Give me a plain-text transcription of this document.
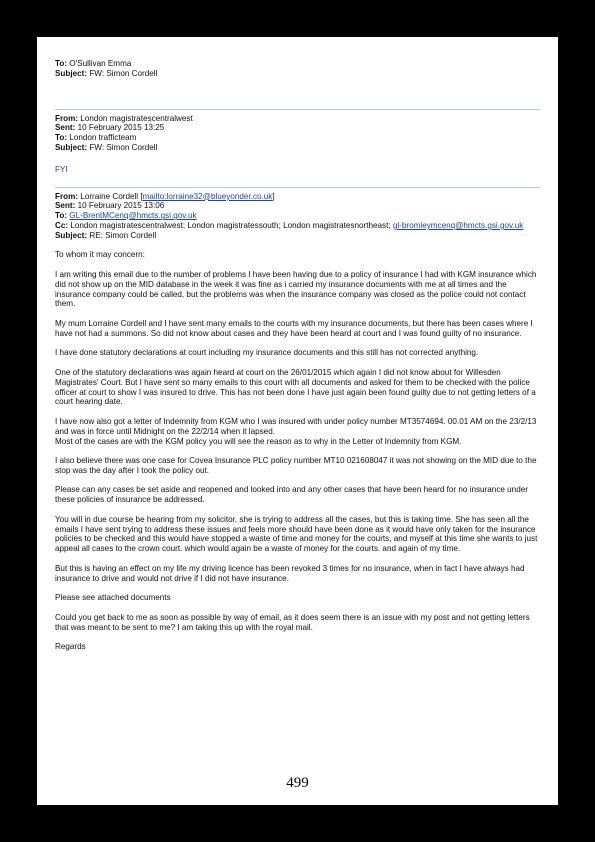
To: O'Sullivan Emma

Subject: FW: Simon Cordell

From: London magistratescentralwest

Sent: 10 February 2015 13:25

To: London trafficteam

Subject: FW: Simon Cordell

FYI

From: Lorraine Cordell [mailto:lorraine32@blueyonder.co.uk]

Sent: 10 February 2015 13:06

To: GL-BrentMCenq@hmcts.gsi.gov.uk

Cc: London magistratescentralwest; London magistratessouth; London magistratesnortheast; gl-bromleymcenq@hmcts.gsi.gov.uk

Subject: RE: Simon Cordell

To whom it may concern:

I am writing this email due to the number of problems I have been having due to a policy of insurance I had with KGM insurance which did not show up on the MID database in the week it was fine as i carried my insurance documents with me at all times and the insurance company could be called, but the problems was when the insurance company was closed as the police could not contact them.

My mum Lorraine Cordell and I have sent many emails to the courts with my insurance documents, but there has been cases where I have not had a summons. So did not know about cases and they have been heard at court and I was found guilty of no insurance.

I have done statutory declarations at court including my insurance documents and this still has not corrected anything.

One of the statutory declarations was again heard at court on the 26/01/2015 which again I did not know about for Willesden Magistrates' Court. But I have sent so many emails to this court with all documents and asked for them to be checked with the police officer at court to show I was insured to drive. This has not been done I have just again been found guilty due to not getting letters of a court hearing date.

I have now also got a letter of Indemnity from KGM who I was insured with under policy number MT3574694. 00.01 AM on the 23/2/13 and was in force until Midnight on the 22/2/14 when it lapsed.

Most of the cases are with the KGM policy you will see the reason as to why in the Letter of Indemnity from KGM.

I also believe there was one case for Covea Insurance PLC policy number MT10 021608047 it was not showing on the MID due to the stop was the day after I took the policy out.

Please can any cases be set aside and reopened and looked into and any other cases that have been heard for no insurance under these policies of insurance be addressed.

You will in due course be hearing from my solicitor, she is trying to address all the cases, but this is taking time. She has seen all the emails I have sent trying to address these issues and feels more should have been done as it would have only taken for the insurance policies to be checked and this would have stopped a waste of time and money for the courts, and myself at this time she wants to just appeal all cases to the crown court. which would again be a waste of money for the courts. and again of my time.

But this is having an effect on my life my driving licence has been revoked 3 times for no insurance, when in fact I have always had insurance to drive and would not drive if I did not have insurance.

Please see attached documents

Could you get back to me as soon as possible by way of email, as it does seem there is an issue with my post and not getting letters that was meant to be sent to me? I am taking this up with the royal mail.

Regards

499
